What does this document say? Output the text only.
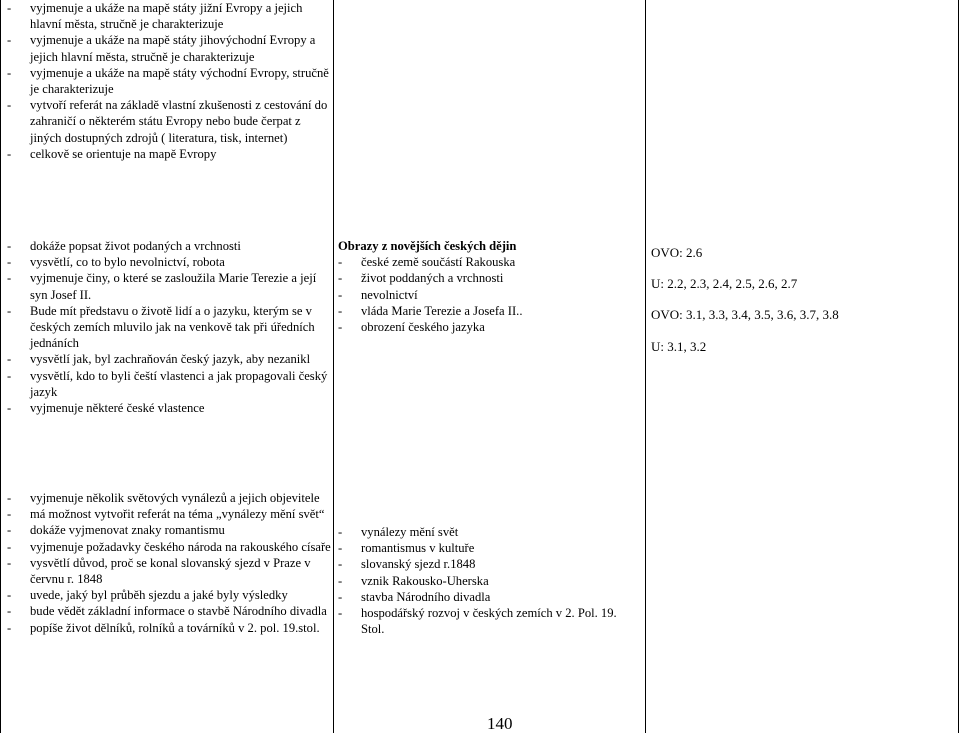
- vyjmenuje a ukáže na mapě státy jižní Evropy a jejich hlavní města, stručně je charakterizuje
- vyjmenuje a ukáže na mapě státy jihovýchodní Evropy a jejich hlavní města, stručně je charakterizuje
- vyjmenuje a ukáže na mapě státy východní Evropy, stručně je charakterizuje
- vytvoří referát na základě vlastní zkušenosti z cestování do zahraničí o některém státu Evropy nebo bude čerpat z jiných dostupných zdrojů ( literatura, tisk, internet)
- celkově se orientuje na mapě Evropy
- dokáže popsat život podaných a vrchnosti
- vysvětlí, co to bylo nevolnictví, robota
- vyjmenuje činy, o které se zasloužila Marie Terezie a její syn Josef II.
- Bude mít představu o životě lidí a o jazyku, kterým se v českých zemích mluvilo jak na venkově tak při úředních jednáních
- vysvětlí jak, byl zachraňován český jazyk, aby nezanikl
- vysvětlí, kdo to byli čeští vlastenci a jak propagovali český jazyk
- vyjmenuje některé české vlastence
Obrazy z novějších českých dějin
- české země součástí Rakouska
- život poddaných a vrchnosti
- nevolnictví
- vláda Marie Terezie a Josefa II..
- obrození českého jazyka

OVO: 2.6

U: 2.2, 2.3, 2.4, 2.5, 2.6, 2.7

OVO: 3.1, 3.3, 3.4, 3.5, 3.6, 3.7, 3.8

U: 3.1, 3.2

- vyjmenuje několik světových vynálezů a jejich objevitele
- má možnost vytvořit referát na téma „vynálezy mění svět“
- dokáže vyjmenovat znaky romantismu
- vyjmenuje požadavky českého národa na rakouského císaře
- vysvětlí důvod, proč se konal slovanský sjezd v Praze v červnu r. 1848
- uvede, jaký byl průběh sjezdu a jaké byly výsledky
- bude vědět základní informace o stavbě Národního divadla
- popíše život dělníků, rolníků a továrníků v 2. pol. 19.stol.
- vynálezy mění svět
- romantismus v kultuře
- slovanský sjezd r.1848
- vznik Rakousko-Uherska
- stavba Národního divadla
- hospodářský rozvoj v českých zemích v 2. Pol. 19. Stol.
140
